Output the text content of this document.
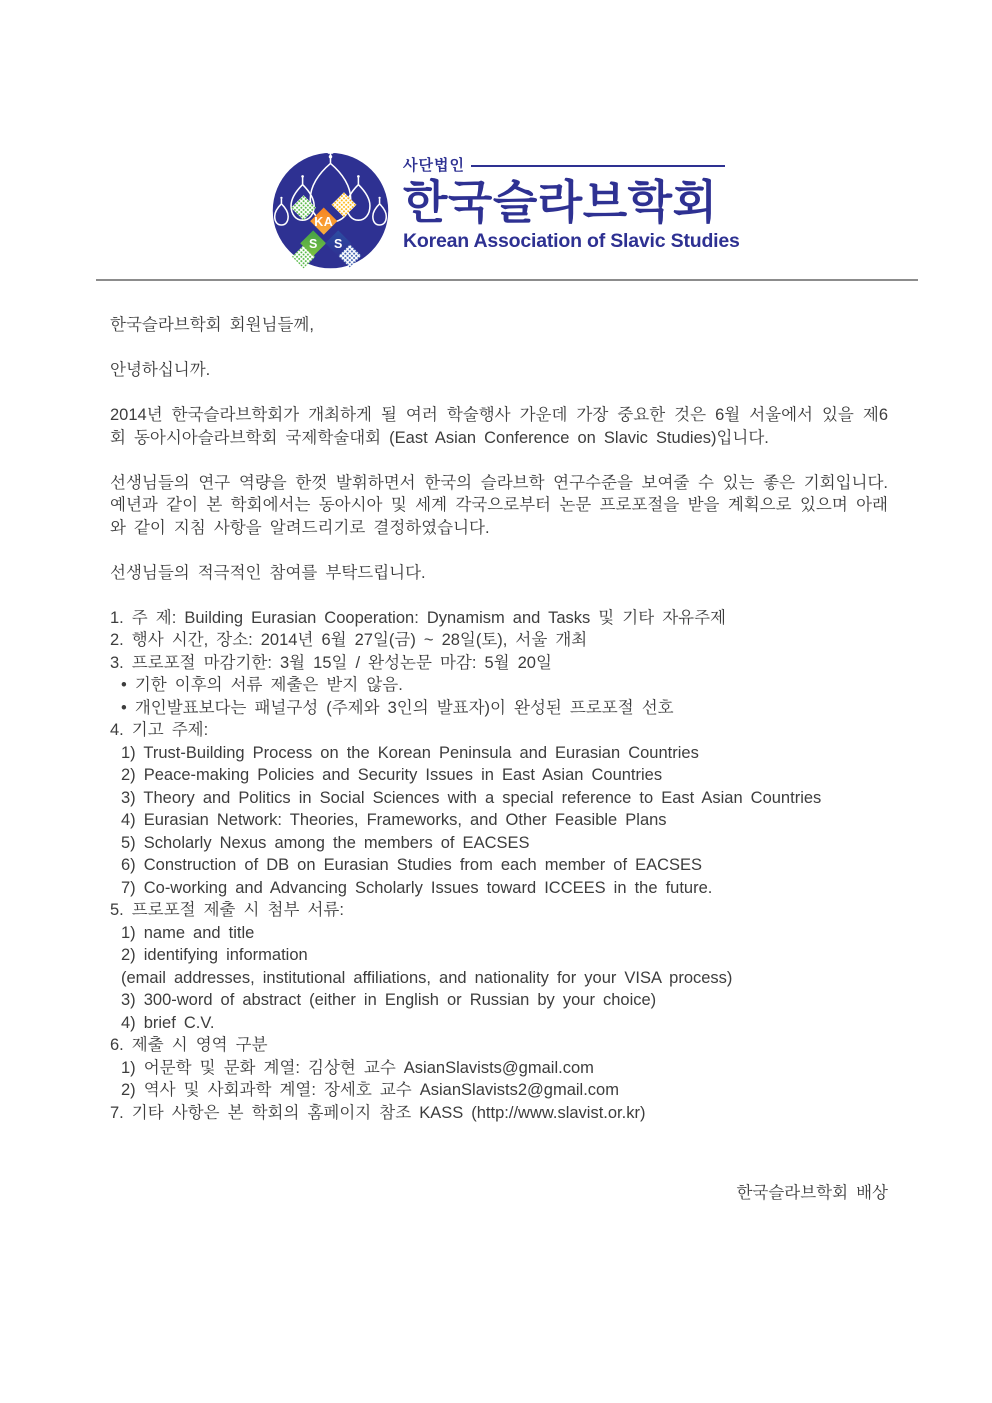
KA
S S
사단법인
한국슬라브학회
Korean Association of Slavic Studies

한국슬라브학회 회원님들께,

안녕하십니까.

2014년 한국슬라브학회가 개최하게 될 여러 학술행사 가운데 가장 중요한 것은 6월 서울에서 있을 제6회 동아시아슬라브학회 국제학술대회 (East Asian Conference on Slavic Studies)입니다.

선생님들의 연구 역량을 한껏 발휘하면서 한국의 슬라브학 연구수준을 보여줄 수 있는 좋은 기회입니다. 예년과 같이 본 학회에서는 동아시아 및 세계 각국으로부터 논문 프로포절을 받을 계획으로 있으며 아래와 같이 지침 사항을 알려드리기로 결정하였습니다.

선생님들의 적극적인 참여를 부탁드립니다.

1. 주 제: Building Eurasian Cooperation: Dynamism and Tasks 및 기타 자유주제
2. 행사 시간, 장소: 2014년 6월 27일(금) ~ 28일(토), 서울 개최
3. 프로포절 마감기한: 3월 15일 / 완성논문 마감: 5월 20일
• 기한 이후의 서류 제출은 받지 않음.
• 개인발표보다는 패널구성 (주제와 3인의 발표자)이 완성된 프로포절 선호
4. 기고 주제:
1) Trust-Building Process on the Korean Peninsula and Eurasian Countries
2) Peace-making Policies and Security Issues in East Asian Countries
3) Theory and Politics in Social Sciences with a special reference to East Asian Countries
4) Eurasian Network: Theories, Frameworks, and Other Feasible Plans
5) Scholarly Nexus among the members of EACSES
6) Construction of DB on Eurasian Studies from each member of EACSES
7) Co-working and Advancing Scholarly Issues toward ICCEES in the future.
5. 프로포절 제출 시 첨부 서류:
1) name and title
2) identifying information
(email addresses, institutional affiliations, and nationality for your VISA process)
3) 300-word of abstract (either in English or Russian by your choice)
4) brief C.V.
6. 제출 시 영역 구분
1) 어문학 및 문화 계열: 김상현 교수 AsianSlavists@gmail.com
2) 역사 및 사회과학 계열: 장세호 교수 AsianSlavists2@gmail.com
7. 기타 사항은 본 학회의 홈페이지 참조 KASS (http://www.slavist.or.kr)
한국슬라브학회 배상
